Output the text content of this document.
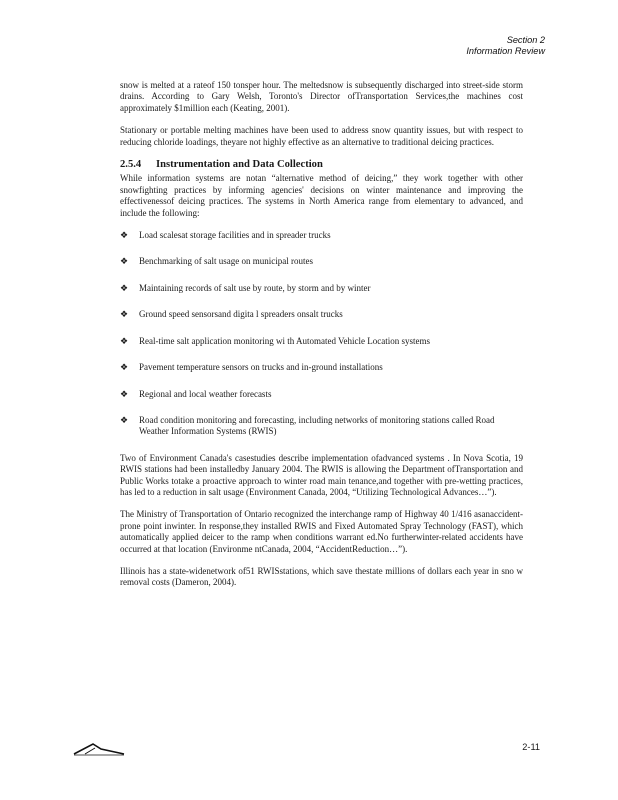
Section 2
Information Review

snow is melted at a rateof 150 tonsper hour. The meltedsnow is subsequently discharged into street-side storm drains. According to Gary Welsh, Toronto's Director ofTransportation Services,the machines cost approximately $1million each (Keating, 2001).

Stationary or portable melting machines have been used to address snow quantity issues, but with respect to reducing chloride loadings, theyare not highly effective as an alternative to traditional deicing practices.

2.5.4 Instrumentation and Data Collection

While information systems are notan “alternative method of deicing,” they work together with other snowfighting practices by informing agencies' decisions on winter maintenance and improving the effectivenessof deicing practices. The systems in North America range from elementary to advanced, and include the following:

❖ Load scalesat storage facilities and in spreader trucks
❖ Benchmarking of salt usage on municipal routes
❖ Maintaining records of salt use by route, by storm and by winter
❖ Ground speed sensorsand digita l spreaders onsalt trucks
❖ Real-time salt application monitoring wi th Automated Vehicle Location systems
❖ Pavement temperature sensors on trucks and in-ground installations
❖ Regional and local weather forecasts
❖ Road condition monitoring and forecasting, including networks of monitoring stations called Road Weather Information Systems (RWIS)

Two of Environment Canada's casestudies describe implementation ofadvanced systems . In Nova Scotia, 19 RWIS stations had been installedby January 2004. The RWIS is allowing the Department ofTransportation and Public Works totake a proactive approach to winter road main tenance,and together with pre-wetting practices, has led to a reduction in salt usage (Environment Canada, 2004, “Utilizing Technological Advances…”).

The Ministry of Transportation of Ontario recognized the interchange ramp of Highway 40 1/416 asanaccident-prone point inwinter. In response,they installed RWIS and Fixed Automated Spray Technology (FAST), which automatically applied deicer to the ramp when conditions warrant ed.No furtherwinter-related accidents have occurred at that location (Environme ntCanada, 2004, “AccidentReduction…”).

Illinois has a state-widenetwork of51 RWISstations, which save thestate millions of dollars each year in sno w removal costs (Dameron, 2004).

2-11
